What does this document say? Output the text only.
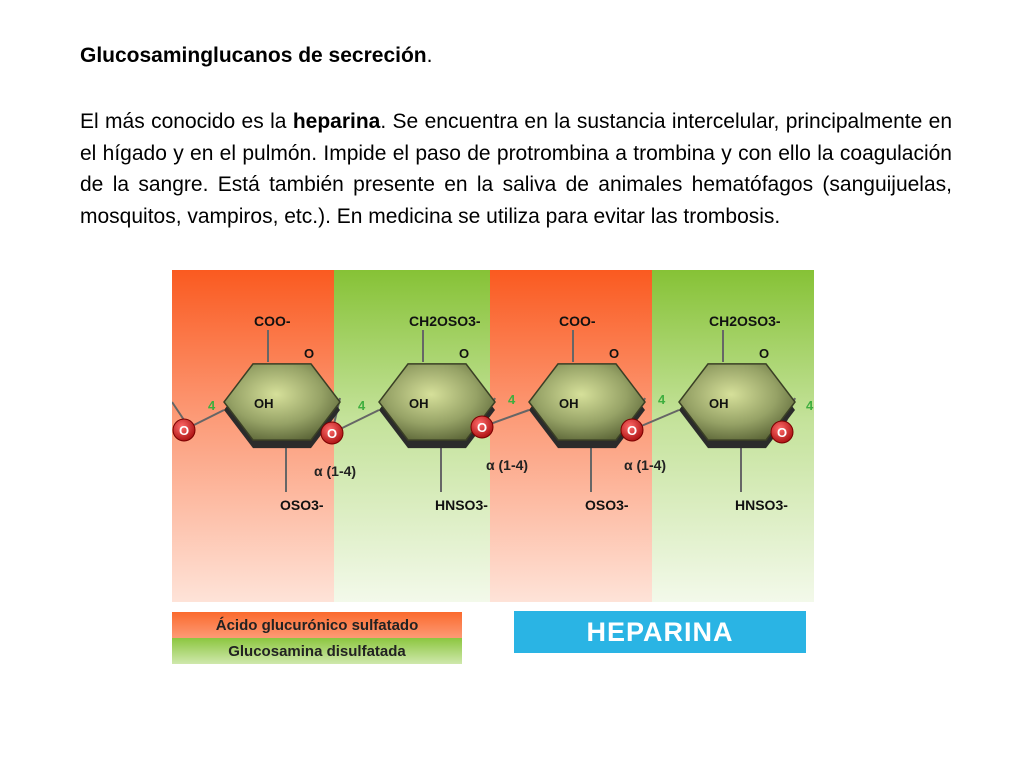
Glucosaminglucanos de secreción.
El más conocido es la heparina. Se encuentra en la sustancia intercelular, principalmente en el hígado y en el pulmón. Impide el paso de protrombina a trombina y con ello la coagulación de la sangre. Está también presente en la saliva de animales hematófagos (sanguijuelas, mosquitos, vampiros, etc.). En medicina se utiliza para evitar las trombosis.
COO-
O
OH
OSO3-
CH2OSO3-
O
OH
HNSO3-
COO-
O
OH
OSO3-
CH2OSO3-
O
OH
HNSO3-
O	O	O	O	O
4	4	4	4	4
α (1-4)	α (1-4)	α (1-4)
Ácido glucurónico sulfatado
Glucosamina disulfatada
HEPARINA
